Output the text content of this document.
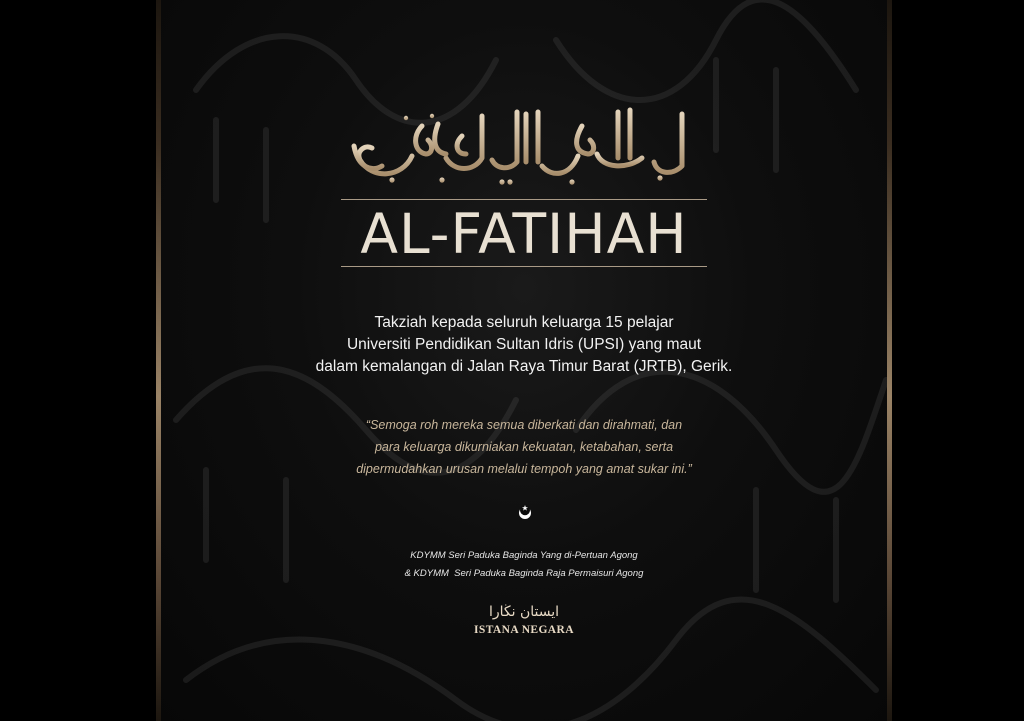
AL-FATIHAH
Takziah kepada seluruh keluarga 15 pelajar
Universiti Pendidikan Sultan Idris (UPSI) yang maut
dalam kemalangan di Jalan Raya Timur Barat (JRTB), Gerik.
“Semoga roh mereka semua diberkati dan dirahmati, dan
para keluarga dikurniakan kekuatan, ketabahan, serta
dipermudahkan urusan melalui tempoh yang amat sukar ini.”
KDYMM Seri Paduka Baginda Yang di-Pertuan Agong
& KDYMM  Seri Paduka Baginda Raja Permaisuri Agong
ايستان نڬارا
ISTANA NEGARA
